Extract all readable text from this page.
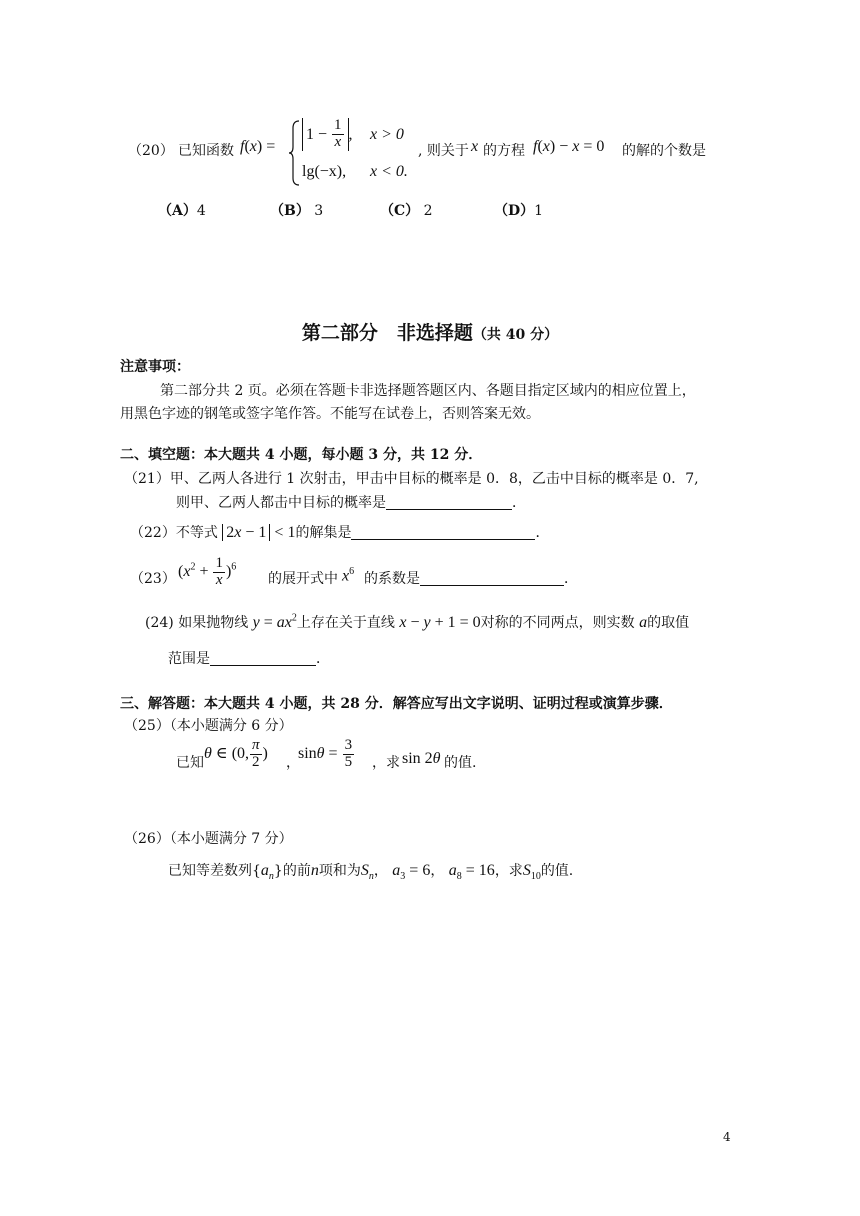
（20） 已知函数 f(x) =
$1 - \frac{1}{x}$ , x > 0
lg(−x), x < 0.
, 则关于 x 的方程 f(x) − x = 0 的解的个数是
（A）4	（B） 3	（C） 2	（D）1
第二部分　非选择题（共 40 分）
注意事项：
第二部分共 2 页。必须在答题卡非选择题答题区内、各题目指定区域内的相应位置上，
用黑色字迹的钢笔或签字笔作答。不能写在试卷上，否则答案无效。
二、填空题：本大题共 4 小题，每小题 3 分，共 12 分．
（21）甲、乙两人各进行 1 次射击，甲击中目标的概率是 0．8，乙击中目标的概率是 0．7,
则甲、乙两人都击中目标的概率是	．
（22）不等式 2x − 1 < 1的解集是	．
（23） $(x^2 + \frac{1}{x} )^6$
的展开式中 $x^6$ 的系数是	．
(24) 如果抛物线 $y = ax^2$上存在关于直线 x − y + 1 = 0对称的不同两点，则实数 a的取值
范围是	．
三、解答题：本大题共 4 小题，共 28 分．解答应写出文字说明、证明过程或演算步骤．
（25）（本小题满分 6 分）
已知
θ ∈ (0, $\frac{\pi}{2}$ )
，
$\sin\theta = \frac{3}{5}$ ，求 sin 2θ 的值.
（26）（本小题满分 7 分）
已知等差数列$\{a_n\}$的前n项和为$S_n$， $a_3 = 6$， $a_8 = 16$，求$S_{10}$的值.
4
